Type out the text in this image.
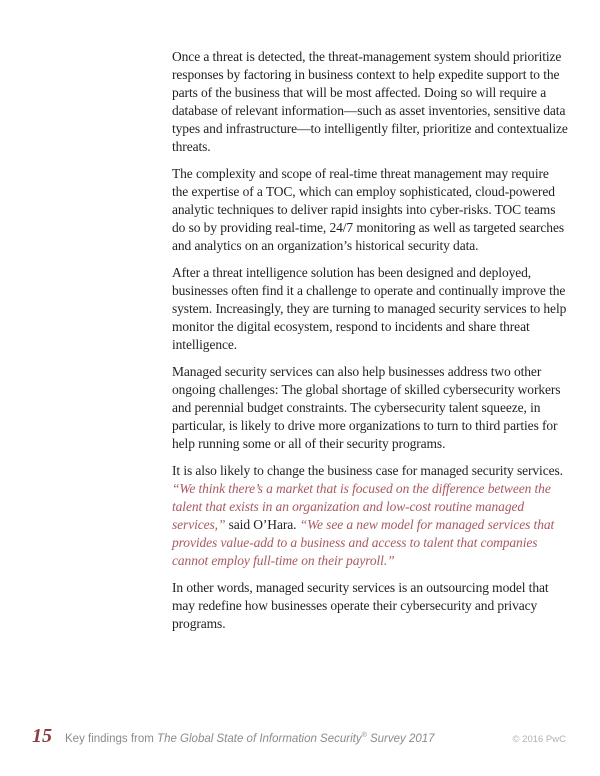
Once a threat is detected, the threat-management system should prioritize responses by factoring in business context to help expedite support to the parts of the business that will be most affected. Doing so will require a database of relevant information—such as asset inventories, sensitive data types and infrastructure—to intelligently filter, prioritize and contextualize threats.

The complexity and scope of real-time threat management may require the expertise of a TOC, which can employ sophisticated, cloud-powered analytic techniques to deliver rapid insights into cyber-risks. TOC teams do so by providing real-time, 24/7 monitoring as well as targeted searches and analytics on an organization’s historical security data.

After a threat intelligence solution has been designed and deployed, businesses often find it a challenge to operate and continually improve the system. Increasingly, they are turning to managed security services to help monitor the digital ecosystem, respond to incidents and share threat intelligence.

Managed security services can also help businesses address two other ongoing challenges: The global shortage of skilled cybersecurity workers and perennial budget constraints. The cybersecurity talent squeeze, in particular, is likely to drive more organizations to turn to third parties for help running some or all of their security programs.

It is also likely to change the business case for managed security services. “We think there’s a market that is focused on the difference between the talent that exists in an organization and low-cost routine managed services,” said O’Hara. “We see a new model for managed services that provides value-add to a business and access to talent that companies cannot employ full-time on their payroll.”

In other words, managed security services is an outsourcing model that may redefine how businesses operate their cybersecurity and privacy programs.

15 Key findings from The Global State of Information Security® Survey 2017	© 2016 PwC
